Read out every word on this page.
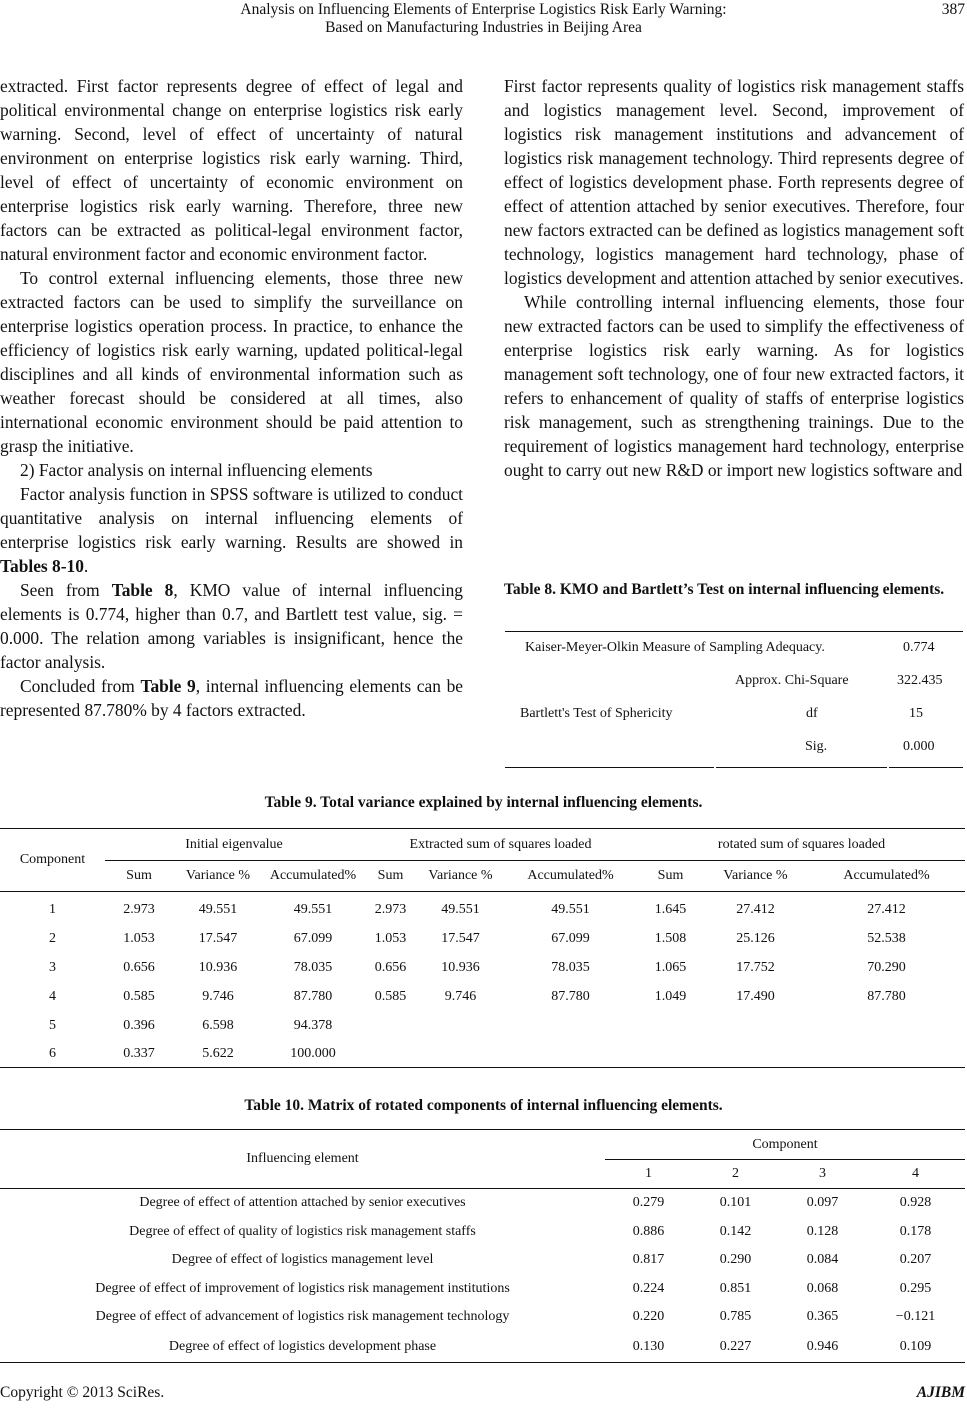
Analysis on Influencing Elements of Enterprise Logistics Risk Early Warning:
Based on Manufacturing Industries in Beijing Area
387

extracted. First factor represents degree of effect of legal and political environmental change on enterprise logistics risk early warning. Second, level of effect of uncertainty of natural environment on enterprise logistics risk early warning. Third, level of effect of uncertainty of economic environment on enterprise logistics risk early warning. Therefore, three new factors can be extracted as political-legal environment factor, natural environment factor and economic environment factor.

To control external influencing elements, those three new extracted factors can be used to simplify the surveillance on enterprise logistics operation process. In practice, to enhance the efficiency of logistics risk early warning, updated political-legal disciplines and all kinds of environmental information such as weather forecast should be considered at all times, also international economic environment should be paid attention to grasp the initiative.

2) Factor analysis on internal influencing elements

Factor analysis function in SPSS software is utilized to conduct quantitative analysis on internal influencing elements of enterprise logistics risk early warning. Results are showed in Tables 8-10.

Seen from Table 8, KMO value of internal influencing elements is 0.774, higher than 0.7, and Bartlett test value, sig. = 0.000. The relation among variables is insignificant, hence the factor analysis.

Concluded from Table 9, internal influencing elements can be represented 87.780% by 4 factors extracted.

First factor represents quality of logistics risk management staffs and logistics management level. Second, improvement of logistics risk management institutions and advancement of logistics risk management technology. Third represents degree of effect of logistics development phase. Forth represents degree of effect of attention attached by senior executives. Therefore, four new factors extracted can be defined as logistics management soft technology, logistics management hard technology, phase of logistics development and attention attached by senior executives.

While controlling internal influencing elements, those four new extracted factors can be used to simplify the effectiveness of enterprise logistics risk early warning. As for logistics management soft technology, one of four new extracted factors, it refers to enhancement of quality of staffs of enterprise logistics risk management, such as strengthening trainings. Due to the requirement of logistics management hard technology, enterprise ought to carry out new R&D or import new logistics software and

Table 8. KMO and Bartlett’s Test on internal influencing elements.
Kaiser-Meyer-Olkin Measure of Sampling Adequacy.	0.774
Bartlett's Test of Sphericity
Approx. Chi-Square	322.435
df	15
Sig.	0.000
Table 9. Total variance explained by internal influencing elements.
Component	Initial eigenvalue			Extracted sum of squares loaded			rotated sum of squares loaded		
	Sum	Variance %	Accumulated%	Sum	Variance %	Accumulated%	Sum	Variance %	Accumulated%
1	2.973	49.551	49.551	2.973	49.551	49.551	1.645	27.412	27.412
2	1.053	17.547	67.099	1.053	17.547	67.099	1.508	25.126	52.538
3	0.656	10.936	78.035	0.656	10.936	78.035	1.065	17.752	70.290
4	0.585	9.746	87.780	0.585	9.746	87.780	1.049	17.490	87.780
5	0.396	6.598	94.378						
6	0.337	5.622	100.000						
Table 10. Matrix of rotated components of internal influencing elements.
Influencing element	Component			
	1	2	3	4
Degree of effect of attention attached by senior executives	0.279	0.101	0.097	0.928
Degree of effect of quality of logistics risk management staffs	0.886	0.142	0.128	0.178
Degree of effect of logistics management level	0.817	0.290	0.084	0.207
Degree of effect of improvement of logistics risk management institutions	0.224	0.851	0.068	0.295
Degree of effect of advancement of logistics risk management technology	0.220	0.785	0.365	−0.121
Degree of effect of logistics development phase	0.130	0.227	0.946	0.109
Copyright © 2013 SciRes.	AJIBM
